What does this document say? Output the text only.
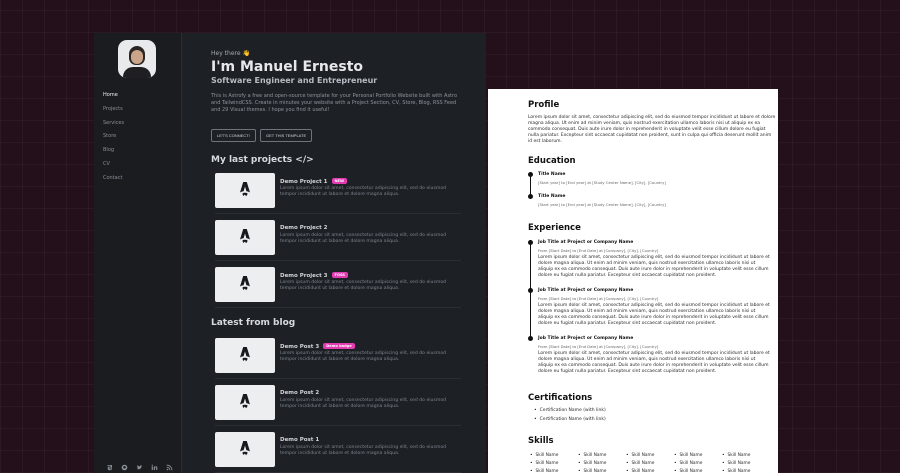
Home
Projects
Services
Store
Blog
CV
Contact
Hey there 👋
I'm Manuel Ernesto
Software Engineer and Entrepreneur
This is Astrofy a free and open-source template for your Personal Portfolio Website built with Astro and TailwindCSS. Create in minutes your website with a Project Section, CV, Store, Blog, RSS Feed and 29 Visual themes. I hope you find it useful!
LET'S CONNECT!	GET THIS TEMPLATE
My last projects </>
Demo Project 1 NEW
Lorem ipsum dolor sit amet, consectetur adipiscing elit, sed do eiusmod tempor incididunt ut labore et dolore magna aliqua.
Demo Project 2
Lorem ipsum dolor sit amet, consectetur adipiscing elit, sed do eiusmod tempor incididunt ut labore et dolore magna aliqua.
Demo Project 3 FOSS
Lorem ipsum dolor sit amet, consectetur adipiscing elit, sed do eiusmod tempor incididunt ut labore et dolore magna aliqua.
Latest from blog
Demo Post 3 Demo badge
Lorem ipsum dolor sit amet, consectetur adipiscing elit, sed do eiusmod tempor incididunt ut labore et dolore magna aliqua.
Demo Post 2
Lorem ipsum dolor sit amet, consectetur adipiscing elit, sed do eiusmod tempor incididunt ut labore et dolore magna aliqua.
Demo Post 1
Lorem ipsum dolor sit amet, consectetur adipiscing elit, sed do eiusmod tempor incididunt ut labore et dolore magna aliqua.
Profile
Lorem ipsum dolor sit amet, consectetur adipiscing elit, sed do eiusmod tempor incididunt ut labore et dolore magna aliqua. Ut enim ad minim veniam, quis nostrud exercitation ullamco laboris nisi ut aliquip ex ea commodo consequat. Duis aute irure dolor in reprehenderit in voluptate velit esse cillum dolore eu fugiat nulla pariatur. Excepteur sint occaecat cupidatat non proident, sunt in culpa qui officia deserunt mollit anim id est laborum.
Education
Title Name
[Start year] to [End year] at [Study Center Name], [City], [Country]
Title Name
[Start year] to [End year] at [Study Center Name], [City], [Country]
Experience
Job Title at Project or Company Name
From [Start Date] to [End Date] at [Company], [City], [Country]
Lorem ipsum dolor sit amet, consectetur adipiscing elit, sed do eiusmod tempor incididunt ut labore et dolore magna aliqua. Ut enim ad minim veniam, quis nostrud exercitation ullamco laboris nisi ut aliquip ex ea commodo consequat. Duis aute irure dolor in reprehenderit in voluptate velit esse cillum dolore eu fugiat nulla pariatur. Excepteur sint occaecat cupidatat non proident.
Job Title at Project or Company Name
From [Start Date] to [End Date] at [Company], [City], [Country]
Lorem ipsum dolor sit amet, consectetur adipiscing elit, sed do eiusmod tempor incididunt ut labore et dolore magna aliqua. Ut enim ad minim veniam, quis nostrud exercitation ullamco laboris nisi ut aliquip ex ea commodo consequat. Duis aute irure dolor in reprehenderit in voluptate velit esse cillum dolore eu fugiat nulla pariatur. Excepteur sint occaecat cupidatat non proident.
Job Title at Project or Company Name
From [Start Date] to [End Date] at [Company], [City], [Country]
Lorem ipsum dolor sit amet, consectetur adipiscing elit, sed do eiusmod tempor incididunt ut labore et dolore magna aliqua. Ut enim ad minim veniam, quis nostrud exercitation ullamco laboris nisi ut aliquip ex ea commodo consequat. Duis aute irure dolor in reprehenderit in voluptate velit esse cillum dolore eu fugiat nulla pariatur. Excepteur sint occaecat cupidatat non proident.
Certifications
• Certification Name (with link)
• Certification Name (with link)
Skills
• Skill Name	• Skill Name	• Skill Name	• Skill Name	• Skill Name
• Skill Name	• Skill Name	• Skill Name	• Skill Name	• Skill Name
• Skill Name	• Skill Name	• Skill Name	• Skill Name	• Skill Name
